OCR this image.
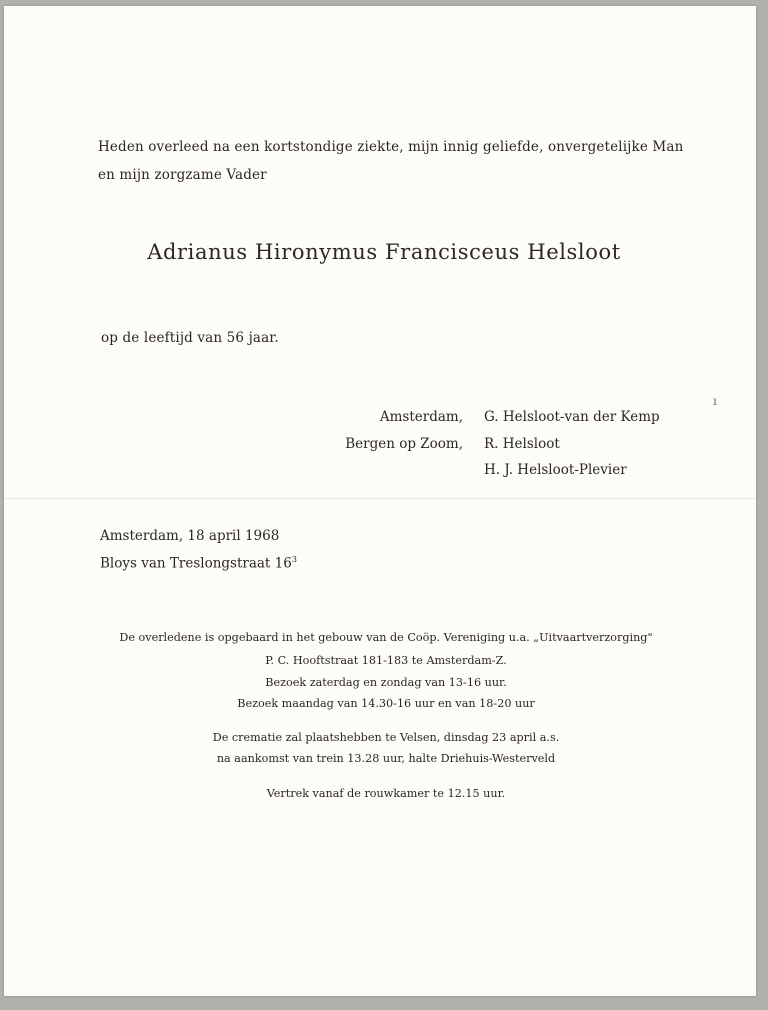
ı

Heden overleed na een kortstondige ziekte, mijn innig geliefde, onvergetelijke Man

en mijn zorgzame Vader

Adrianus Hironymus Francisceus Helsloot

op de leeftijd van 56 jaar.

Amsterdam, G. Helsloot-van der Kemp

Bergen op Zoom, R. Helsloot

H. J. Helsloot-Plevier

Amsterdam, 18 april 1968

Bloys van Treslongstraat $16^3$

De overledene is opgebaard in het gebouw van de Coöp. Vereniging u.a. „Uitvaartverzorging"

P. C. Hooftstraat 181-183 te Amsterdam-Z.

Bezoek zaterdag en zondag van 13-16 uur.

Bezoek maandag van 14.30-16 uur en van 18-20 uur

De crematie zal plaatshebben te Velsen, dinsdag 23 april a.s.

na aankomst van trein 13.28 uur, halte Driehuis-Westerveld

Vertrek vanaf de rouwkamer te 12.15 uur.
